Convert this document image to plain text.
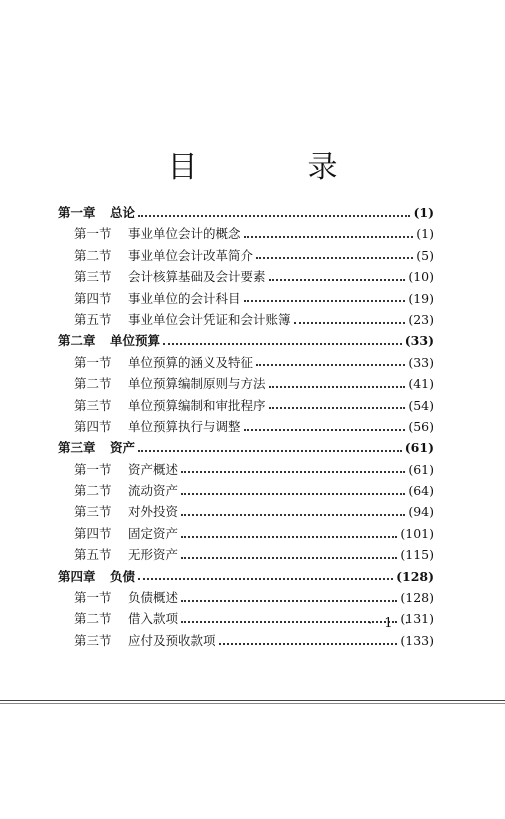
目　录
第一章	总论	(1)
第一节	事业单位会计的概念	(1)
第二节	事业单位会计改革简介	(5)
第三节	会计核算基础及会计要素	(10)
第四节	事业单位的会计科目	(19)
第五节	事业单位会计凭证和会计账簿	(23)
第二章	单位预算	(33)
第一节	单位预算的涵义及特征	(33)
第二节	单位预算编制原则与方法	(41)
第三节	单位预算编制和审批程序	(54)
第四节	单位预算执行与调整	(56)
第三章	资产	(61)
第一节	资产概述	(61)
第二节	流动资产	(64)
第三节	对外投资	(94)
第四节	固定资产	(101)
第五节	无形资产	(115)
第四章	负债	(128)
第一节	负债概述	(128)
第二节	借入款项	(131)
第三节	应付及预收款项	(133)
· 1 ·
